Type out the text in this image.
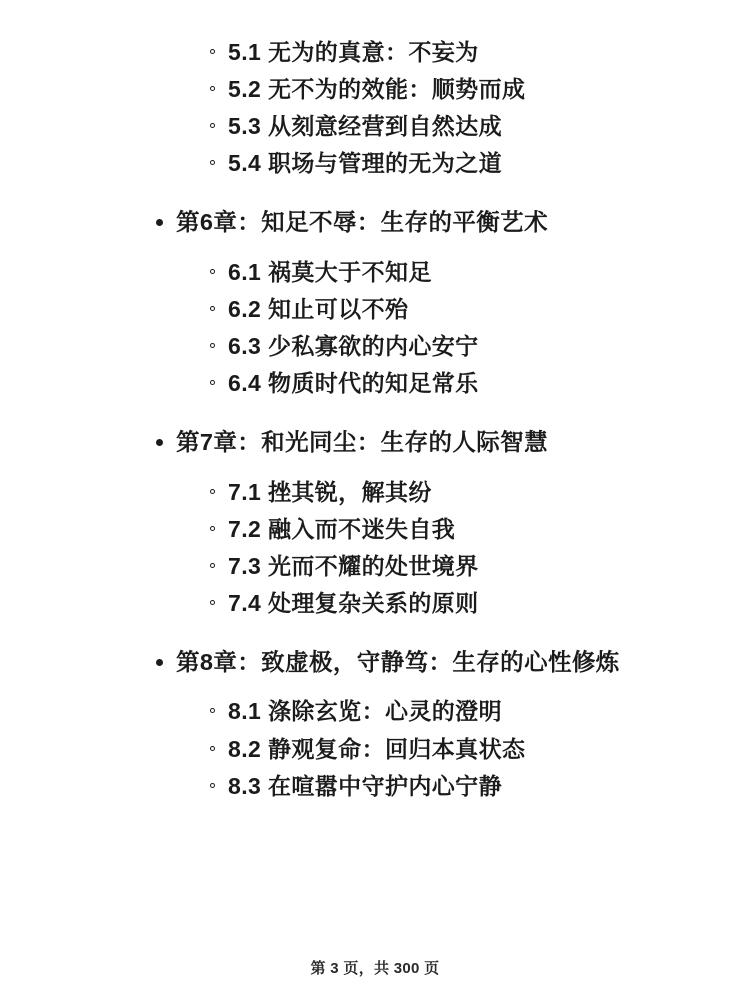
5.1 无为的真意：不妄为
5.2 无不为的效能：顺势而成
5.3 从刻意经营到自然达成
5.4 职场与管理的无为之道
第6章：知足不辱：生存的平衡艺术
6.1 祸莫大于不知足
6.2 知止可以不殆
6.3 少私寡欲的内心安宁
6.4 物质时代的知足常乐
第7章：和光同尘：生存的人际智慧
7.1 挫其锐，解其纷
7.2 融入而不迷失自我
7.3 光而不耀的处世境界
7.4 处理复杂关系的原则
第8章：致虚极，守静笃：生存的心性修炼
8.1 涤除玄览：心灵的澄明
8.2 静观复命：回归本真状态
8.3 在喧嚣中守护内心宁静
第 3 页，共 300 页
